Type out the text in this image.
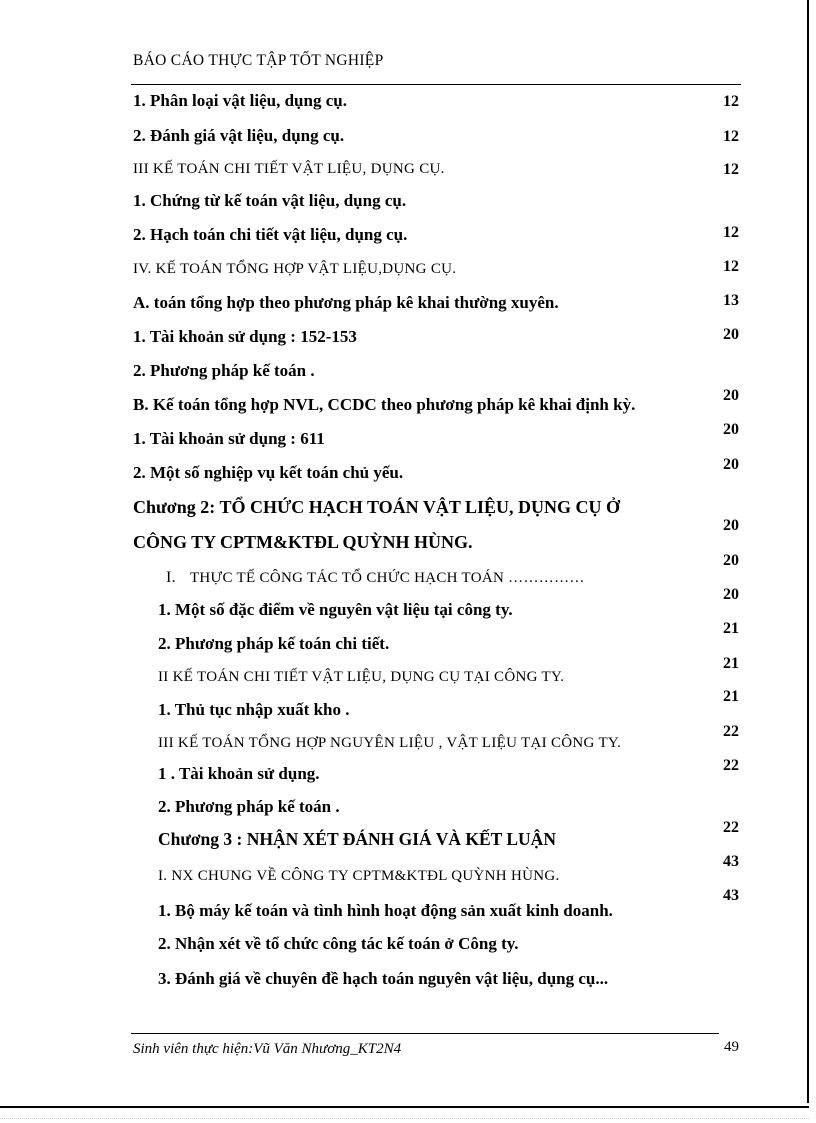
BÁO CÁO THỰC TẬP TỐT NGHIỆP
1. Phân loại vật liệu, dụng cụ.
2. Đánh giá vật liệu, dụng cụ.
III KẾ TOÁN CHI TIẾT VẬT LIỆU, DỤNG CỤ.
1. Chứng từ kế toán vật liệu, dụng cụ.
2. Hạch toán chi tiết vật liệu, dụng cụ.
IV. KẾ TOÁN TỔNG HỢP VẬT LIỆU,DỤNG CỤ.
A. toán tổng hợp theo phương pháp kê khai thường xuyên.
1. Tài khoản sử dụng : 152-153
2. Phương pháp kế toán .
B. Kế toán tổng hợp NVL, CCDC theo phương pháp kê khai định kỳ.
1. Tài khoản sử dụng : 611
2. Một số nghiệp vụ kết toán chủ yếu.
Chương 2: TỔ CHỨC HẠCH TOÁN VẬT LIỆU, DỤNG CỤ Ở
CÔNG TY CPTM&KTĐL QUỲNH HÙNG.
I. THỰC TẾ CÔNG TÁC TỔ CHỨC HẠCH TOÁN ……………
1. Một số đặc điểm về nguyên vật liệu tại công ty.
2. Phương pháp kế toán chi tiết.
II KẾ TOÁN CHI TIẾT VẬT LIỆU, DỤNG CỤ TẠI CÔNG TY.
1. Thủ tục nhập xuất kho .
III KẾ TOÁN TỔNG HỢP NGUYÊN LIỆU , VẬT LIỆU TẠI CÔNG TY.
1 . Tài khoản sử dụng.
2. Phương pháp kế toán .
Chương 3 : NHẬN XÉT ĐÁNH GIÁ VÀ KẾT LUẬN
I. NX CHUNG VỀ CÔNG TY CPTM&KTĐL QUỲNH HÙNG.
1. Bộ máy kế toán và tình hình hoạt động sản xuất kinh doanh.
2. Nhận xét về tổ chức công tác kế toán ở Công ty.
3. Đánh giá về chuyên đề hạch toán nguyên vật liệu, dụng cụ...
12
12
12
12
12
13
20
20
20
20
20
20
20
21
21
21
22
22
22
43
43
Sinh viên thực hiện:Vũ Văn Nhương_KT2N4	49
